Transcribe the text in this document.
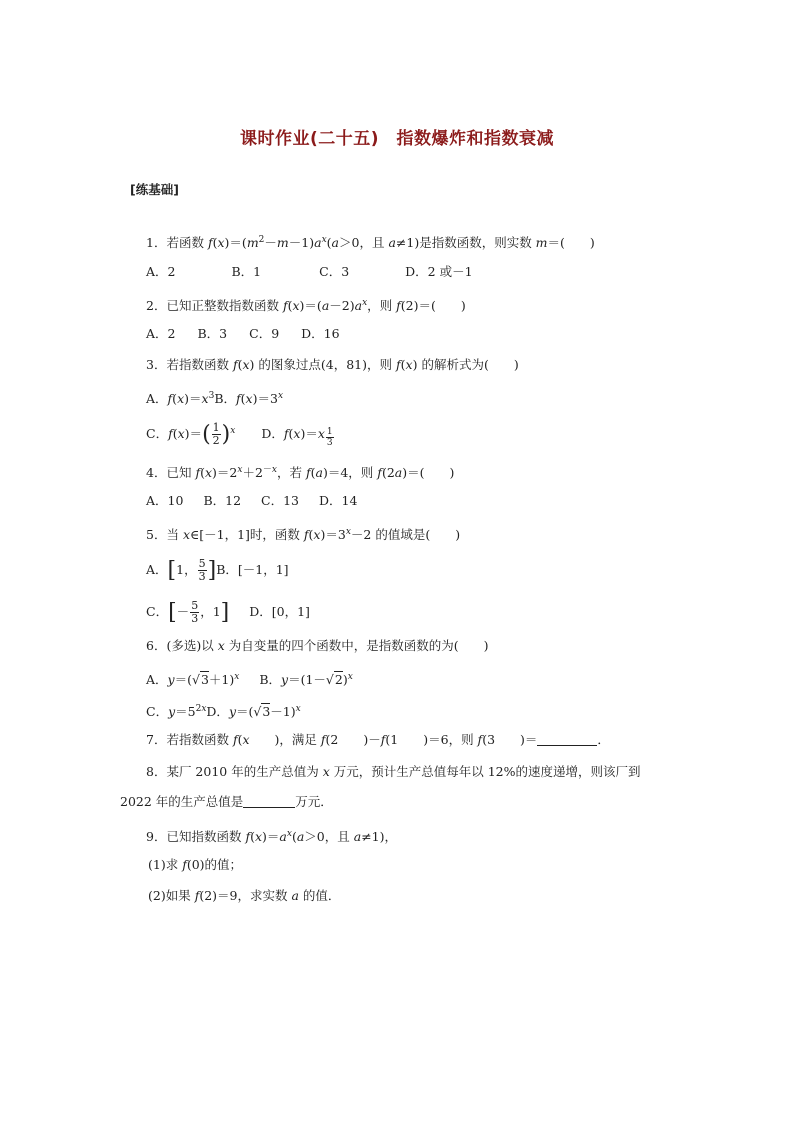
课时作业(二十五)　指数爆炸和指数衰减
[练基础]
1．若函数 $f(x)=(m^2-m-1)a^x(a>0$，且 a≠1)是指数函数，则实数 m＝(　　)
A．2	B．1	C．3	D．2 或－1
2．已知正整数指数函数 $f(x)=(a-2)a^x$，则 f(2)＝(　　)
A．2 B．3 C．9 D．16
3．若指数函数 f(x) 的图象过点(4，81)，则 f(x) 的解析式为(　　)
A．$f(x)=x^3B$．$f(x)=3^x$
C．$f(x)=( \frac{1}{2} )^x$ D．$f(x)=x \frac{1}{3}$
4．已知 $f(x)=2^x+2^{-x}$，若 f(a)＝4，则 f(2a)＝(　　)
A．10 B．12 C．13 D．14
5．当 x∈[－1，1]时，函数 $f(x)=3^x-2$ 的值域是(　　)
A．[1， $\frac{5}{3} ]B$．[－1，1]
C．[－ $\frac{5}{3}$ ，1] D．[0，1]
6．(多选)以 x 为自变量的四个函数中，是指数函数的为(　　)
A．$y=(√3+1)^x$ B．$y=(1-√2)^x$
C．$y=5^{2x}D$．$y=(√3-1)^x$
7．若指数函数 f(x　　)，满足 f(2　　)－f(1　　)＝6，则 f(3　　)＝	．
8．某厂 2010 年的生产总值为 x 万元，预计生产总值每年以 12%的速度递增，则该厂到
2022 年的生产总值是	万元．
9．已知指数函数 $f(x)=a^x(a>0$，且 a≠1)，
(1)求 f(0)的值；
(2)如果 f(2)＝9，求实数 a 的值．
